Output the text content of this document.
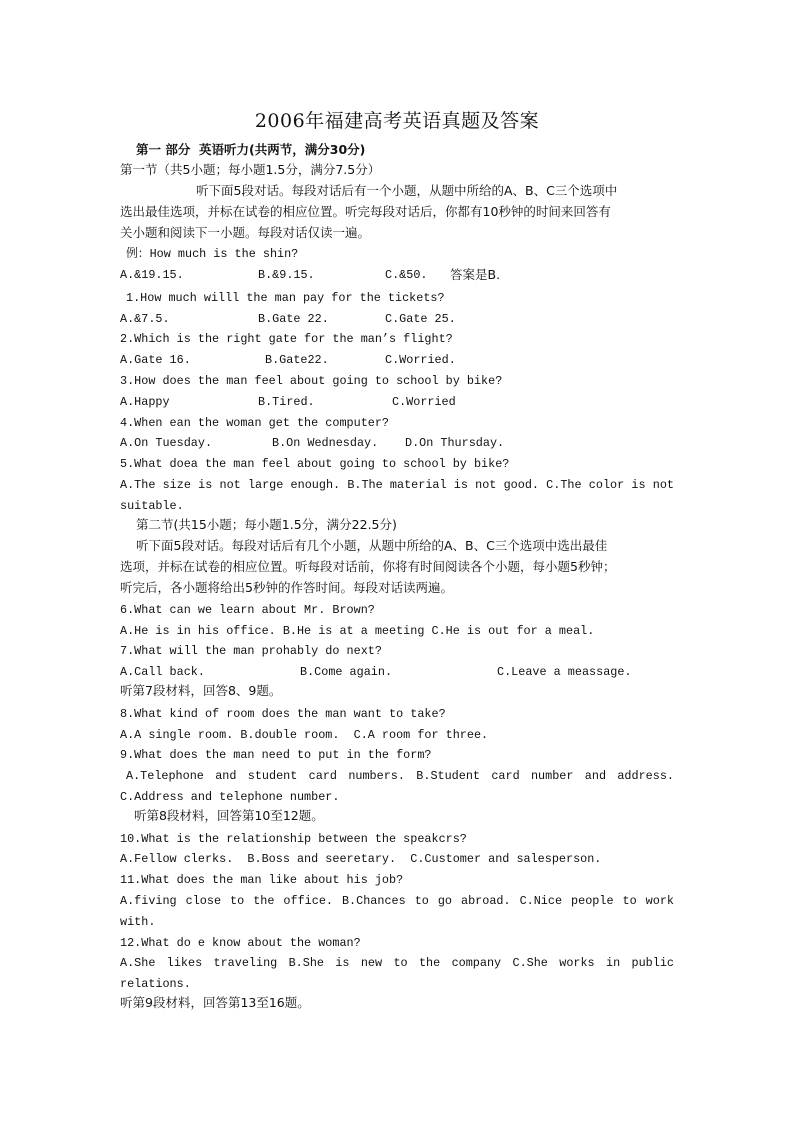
2006年福建高考英语真题及答案
第一 部分  英语听力(共两节，满分30分)
第一节（共5小题；每小题1.5分，满分7.5分）
听下面5段对话。每段对话后有一个小题，从题中所给的A、B、C三个选项中
选出最佳选项，并标在试卷的相应位置。听完每段对话后，你都有10秒钟的时间来回答有
关小题和阅读下一小题。每段对话仅读一遍。
例：How much is the shin?
A.&19.15.	B.&9.15.	C.&50. 答案是B.
1.How much willl the man pay for the tickets?
A.&7.5.	B.Gate 22.	C.Gate 25.
2.Which is the right gate for the man’s flight?
A.Gate 16.	B.Gate22.	C.Worried.
3.How does the man feel about going to school by bike?
A.Happy	B.Tired.	C.Worried
4.When ean the woman get the computer?
A.On Tuesday.	B.On Wednesday. D.On Thursday.
5.What doea the man feel about going to school by bike?
A.The size is not large enough. B.The material is not good. C.The color is not
suitable.
第二节(共15小题；每小题1.5分，满分22.5分)
听下面5段对话。每段对话后有几个小题，从题中所给的A、B、C三个选项中选出最佳
选项，并标在试卷的相应位置。听每段对话前，你将有时间阅读各个小题，每小题5秒钟；
听完后，各小题将给出5秒钟的作答时间。每段对话读两遍。
6.What can we learn about Mr. Brown?
A.He is in his office. B.He is at a meeting C.He is out for a meal.
7.What will the man prohably do next?
A.Call back.	B.Come again.	C.Leave a meassage.
听第7段材料，回答8、9题。
8.What kind of room does the man want to take?
A.A single room. B.double room.  C.A room for three.
9.What does the man need to put in the form?
A.Telephone and student card numbers. B.Student card number and address.
C.Address and telephone number.
听第8段材料，回答第10至12题。
10.What is the relationship between the speakcrs?
A.Fellow clerks.  B.Boss and seeretary.  C.Customer and salesperson.
11.What does the man like about his job?
A.fiving close to the office. B.Chances to go abroad. C.Nice people to work
with.
12.What do e know about the woman?
A.She likes traveling B.She is new to the company C.She works in public
relations.
听第9段材料，回答第13至16题。
